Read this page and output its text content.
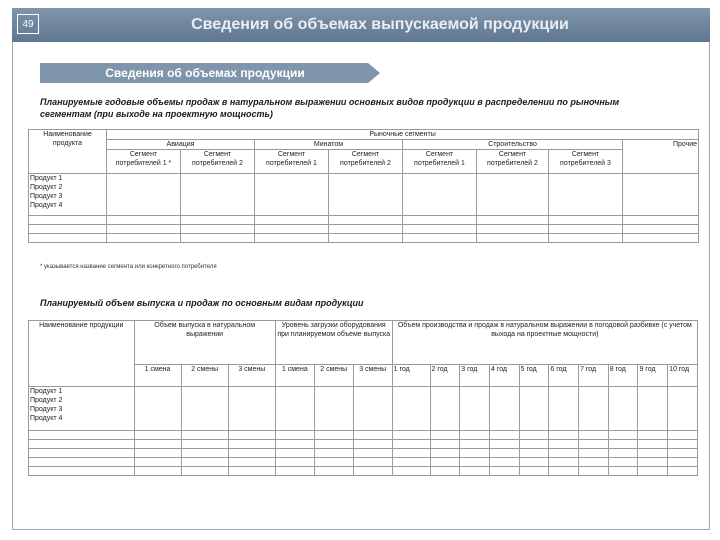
49	Сведения об объемах выпускаемой продукции
Сведения об объемах продукции
Планируемые годовые объемы продаж в натуральном выражении основных видов продукции в распределении по рыночным сегментам (при выходе на проектную мощность)
Наименование продукта	Рыночные сегменты							
	Авиация		Минатом		Строительство			Прочие
	Сегмент потребителей 1 *	Сегмент потребителей 2	Сегмент потребителей 1	Сегмент потребителей 2	Сегмент потребителей 1	Сегмент потребителей 2	Сегмент потребителей 3	

Продукт 1
Продукт 2
Продукт 3
Продукт 4								

* указывается название сегмента или конкретного потребителя
Планируемый объем выпуска и продаж по основным видам продукции
Наименование продукции	Объем выпуска в натуральном выражении			Уровень загрузки оборудования при планируемом объеме выпуска			Объем производства и продаж в натуральном выражении в погодовой разбивке (с учетом выхода на проектные мощности)									
	1 смена	2 смены	3 смены	1 смена	2 смены	3 смены	1 год	2 год	3 год	4 год	5 год	6 год	7 год	8 год	9 год	10 год

Продукт 1
Продукт 2
Продукт 3
Продукт 4																
